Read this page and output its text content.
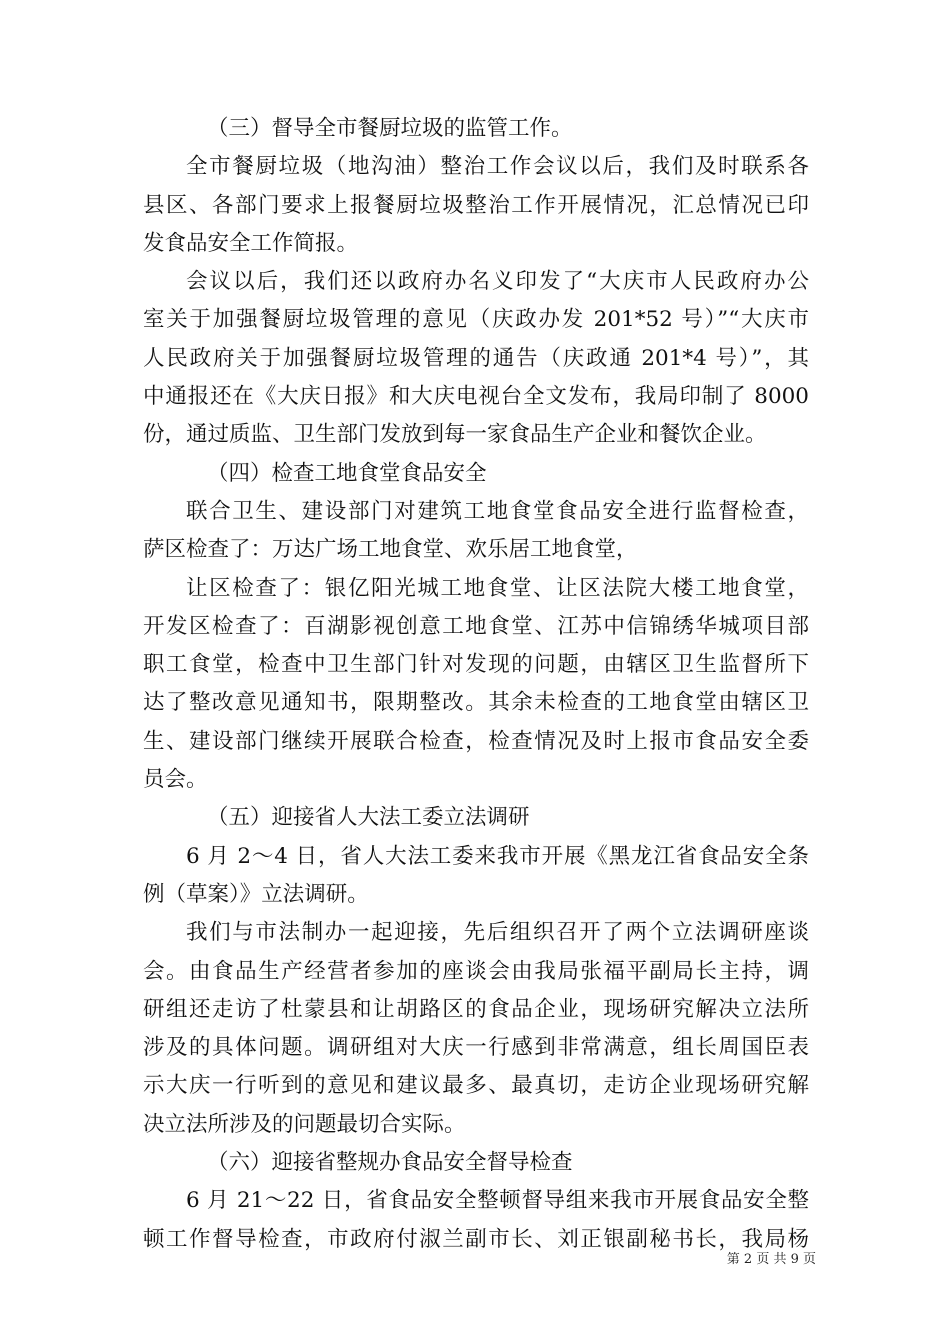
（三）督导全市餐厨垃圾的监管工作。
全市餐厨垃圾（地沟油）整治工作会议以后，我们及时联系各
县区、各部门要求上报餐厨垃圾整治工作开展情况，汇总情况已印
发食品安全工作简报。
会议以后，我们还以政府办名义印发了“大庆市人民政府办公
室关于加强餐厨垃圾管理的意见（庆政办发 201*52 号）”“大庆市
人民政府关于加强餐厨垃圾管理的通告（庆政通 201*4 号）”，其
中通报还在《大庆日报》和大庆电视台全文发布，我局印制了 8000
份，通过质监、卫生部门发放到每一家食品生产企业和餐饮企业。
（四）检查工地食堂食品安全
联合卫生、建设部门对建筑工地食堂食品安全进行监督检查，
萨区检查了：万达广场工地食堂、欢乐居工地食堂，
让区检查了：银亿阳光城工地食堂、让区法院大楼工地食堂，
开发区检查了：百湖影视创意工地食堂、江苏中信锦绣华城项目部
职工食堂，检查中卫生部门针对发现的问题，由辖区卫生监督所下
达了整改意见通知书，限期整改。其余未检查的工地食堂由辖区卫
生、建设部门继续开展联合检查，检查情况及时上报市食品安全委
员会。
（五）迎接省人大法工委立法调研
6 月 2～4 日，省人大法工委来我市开展《黑龙江省食品安全条
例（草案）》立法调研。
我们与市法制办一起迎接，先后组织召开了两个立法调研座谈
会。由食品生产经营者参加的座谈会由我局张福平副局长主持，调
研组还走访了杜蒙县和让胡路区的食品企业，现场研究解决立法所
涉及的具体问题。调研组对大庆一行感到非常满意，组长周国臣表
示大庆一行听到的意见和建议最多、最真切，走访企业现场研究解
决立法所涉及的问题最切合实际。
（六）迎接省整规办食品安全督导检查
6 月 21～22 日，省食品安全整顿督导组来我市开展食品安全整
顿工作督导检查，市政府付淑兰副市长、刘正银副秘书长，我局杨
第 2 页 共 9 页
